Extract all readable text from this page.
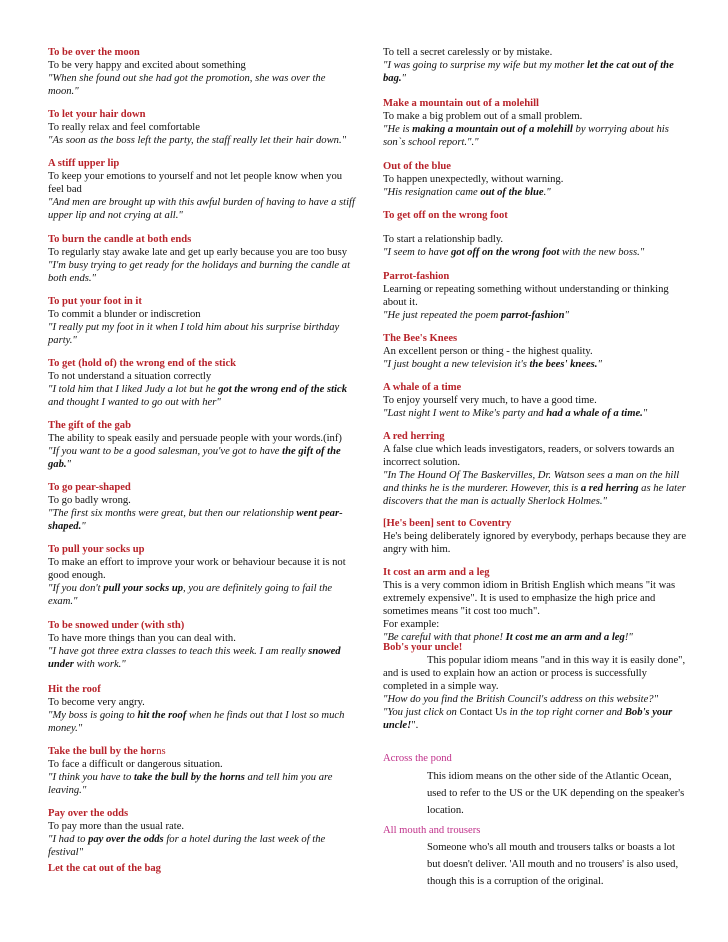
To be over the moon
To be very happy and excited about something
"When she found out she had got the promotion, she was over the moon."
To let your hair down
To really relax and feel comfortable
"As soon as the boss left the party, the staff really let their hair down."
A stiff upper lip
To keep your emotions to yourself and not let people know when you feel bad
"And men are brought up with this awful burden of having to have a stiff upper lip and not crying at all."
To burn the candle at both ends
To regularly stay awake late and get up early because you are too busy
"I'm busy trying to get ready for the holidays and burning the candle at both ends."
To put your foot in it
To commit a blunder or indiscretion
"I really put my foot in it when I told him about his surprise birthday party."
To get (hold of) the wrong end of the stick
To not understand a situation correctly
"I told him that I liked Judy a lot but he got the wrong end of the stick and thought I wanted to go out with her"
The gift of the gab
The ability to speak easily and persuade people with your words.(inf)
"If you want to be a good salesman, you've got to have the gift of the gab."
To go pear-shaped
To go badly wrong.
"The first six months were great, but then our relationship went pear-shaped."
To pull your socks up
To make an effort to improve your work or behaviour because it is not good enough.
"If you don't pull your socks up, you are definitely going to fail the exam."
To be snowed under (with sth)
To have more things than you can deal with.
"I have got three extra classes to teach this week. I am really snowed under with work."
Hit the roof
To become very angry.
"My boss is going to hit the roof when he finds out that I lost so much money."
Take the bull by the horns
To face a difficult or dangerous situation.
"I think you have to take the bull by the horns and tell him you are leaving."
Pay over the odds
To pay more than the usual rate.
"I had to pay over the odds for a hotel during the last week of the festival"
Let the cat out of the bag
To tell a secret carelessly or by mistake.
"I was going to surprise my wife but my mother let the cat out of the bag."
Make a mountain out of a molehill
To make a big problem out of a small problem.
"He is making a mountain out of a molehill by worrying about his son`s school report."."
Out of the blue
To happen unexpectedly, without warning.
"His resignation came out of the blue."
To get off on the wrong foot
To start a relationship badly.
"I seem to have got off on the wrong foot with the new boss."
Parrot-fashion
Learning or repeating something without understanding or thinking about it.
"He just repeated the poem parrot-fashion"
The Bee's Knees
An excellent person or thing - the highest quality.
"I just bought a new television it's the bees' knees."
A whale of a time
To enjoy yourself very much, to have a good time.
"Last night I went to Mike's party and had a whale of a time."
A red herring
A false clue which leads investigators, readers, or solvers towards an incorrect solution.
"In The Hound Of The Baskervilles, Dr. Watson sees a man on the hill and thinks he is the murderer. However, this is a red herring as he later discovers that the man is actually Sherlock Holmes."
[He's been] sent to Coventry
He's being deliberately ignored by everybody, perhaps because they are angry with him.
It cost an arm and a leg
This is a very common idiom in British English which means "it was extremely expensive". It is used to emphasize the high price and sometimes means "it cost too much".
For example:
"Be careful with that phone! It cost me an arm and a leg!"
Bob's your uncle!
This popular idiom means "and in this way it is easily done", and is used to explain how an action or process is successfully completed in a simple way.
"How do you find the British Council's address on this website?"
"You just click on Contact Us in the top right corner and Bob's your uncle!".
Across the pond
This idiom means on the other side of the Atlantic Ocean, used to refer to the US or the UK depending on the speaker's location.
All mouth and trousers
Someone who's all mouth and trousers talks or boasts a lot but doesn't deliver. 'All mouth and no trousers' is also used, though this is a corruption of the original.
